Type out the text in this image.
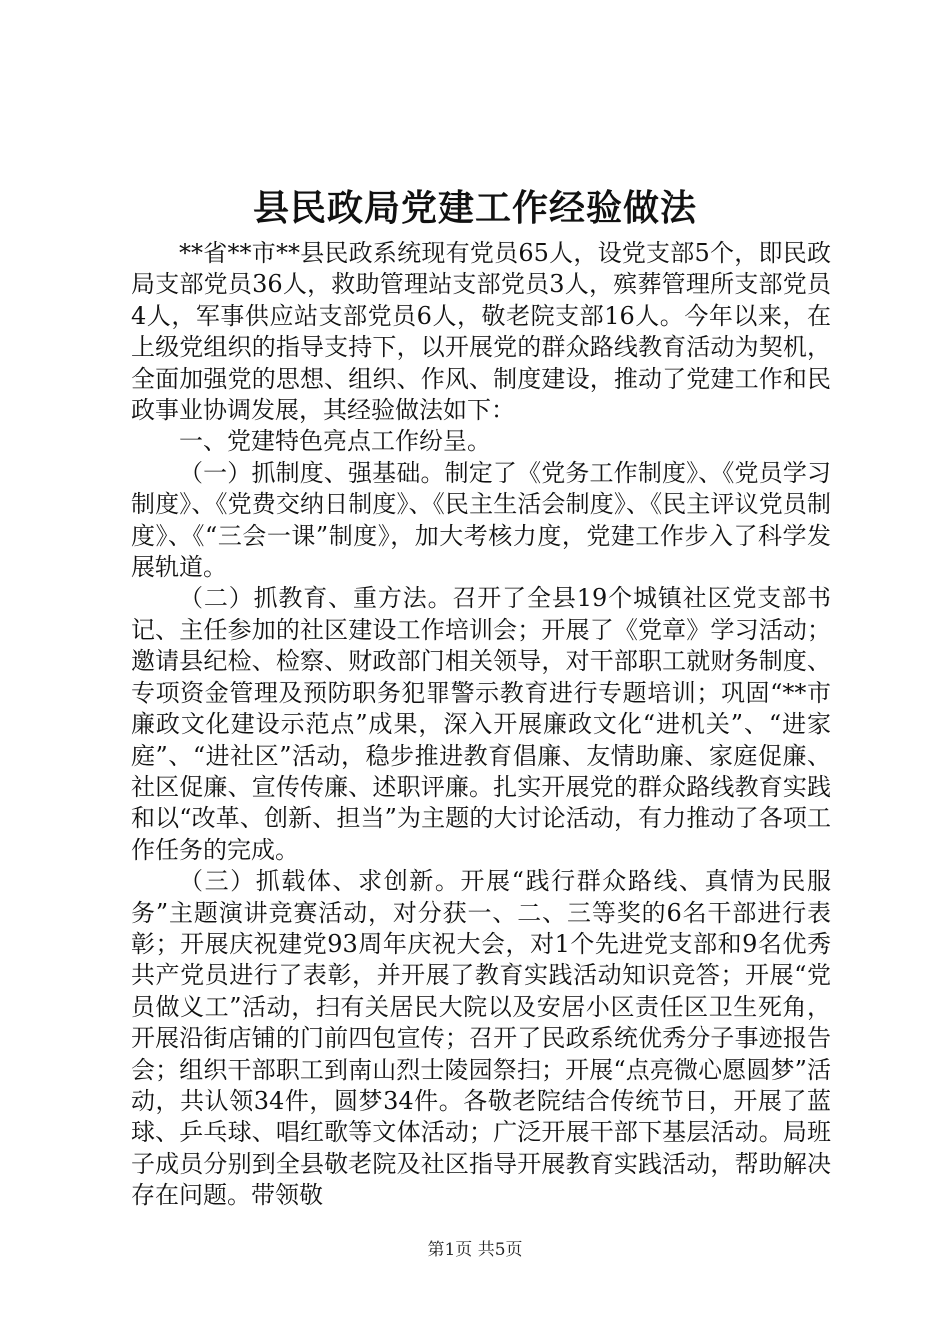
县民政局党建工作经验做法

**省**市**县民政系统现有党员65人，设党支部5个，即民政局支部党员36人，救助管理站支部党员3人，殡葬管理所支部党员4人，军事供应站支部党员6人，敬老院支部16人。今年以来，在上级党组织的指导支持下，以开展党的群众路线教育活动为契机，全面加强党的思想、组织、作风、制度建设，推动了党建工作和民政事业协调发展，其经验做法如下：

一、党建特色亮点工作纷呈。

（一）抓制度、强基础。制定了《党务工作制度》、《党员学习制度》、《党费交纳日制度》、《民主生活会制度》、《民主评议党员制度》、《“三会一课”制度》，加大考核力度，党建工作步入了科学发展轨道。

（二）抓教育、重方法。召开了全县19个城镇社区党支部书记、主任参加的社区建设工作培训会；开展了《党章》学习活动；邀请县纪检、检察、财政部门相关领导，对干部职工就财务制度、专项资金管理及预防职务犯罪警示教育进行专题培训；巩固“**市廉政文化建设示范点”成果，深入开展廉政文化“进机关”、“进家庭”、“进社区”活动，稳步推进教育倡廉、友情助廉、家庭促廉、社区促廉、宣传传廉、述职评廉。扎实开展党的群众路线教育实践和以“改革、创新、担当”为主题的大讨论活动，有力推动了各项工作任务的完成。

（三）抓载体、求创新。开展“践行群众路线、真情为民服务”主题演讲竞赛活动，对分获一、二、三等奖的6名干部进行表彰；开展庆祝建党93周年庆祝大会，对1个先进党支部和9名优秀共产党员进行了表彰，并开展了教育实践活动知识竞答；开展“党员做义工”活动，扫有关居民大院以及安居小区责任区卫生死角，开展沿街店铺的门前四包宣传；召开了民政系统优秀分子事迹报告会；组织干部职工到南山烈士陵园祭扫；开展“点亮微心愿圆梦”活动，共认领34件，圆梦34件。各敬老院结合传统节日，开展了蓝球、乒乓球、唱红歌等文体活动；广泛开展干部下基层活动。局班子成员分别到全县敬老院及社区指导开展教育实践活动，帮助解决存在问题。带领敬

第1页 共5页
